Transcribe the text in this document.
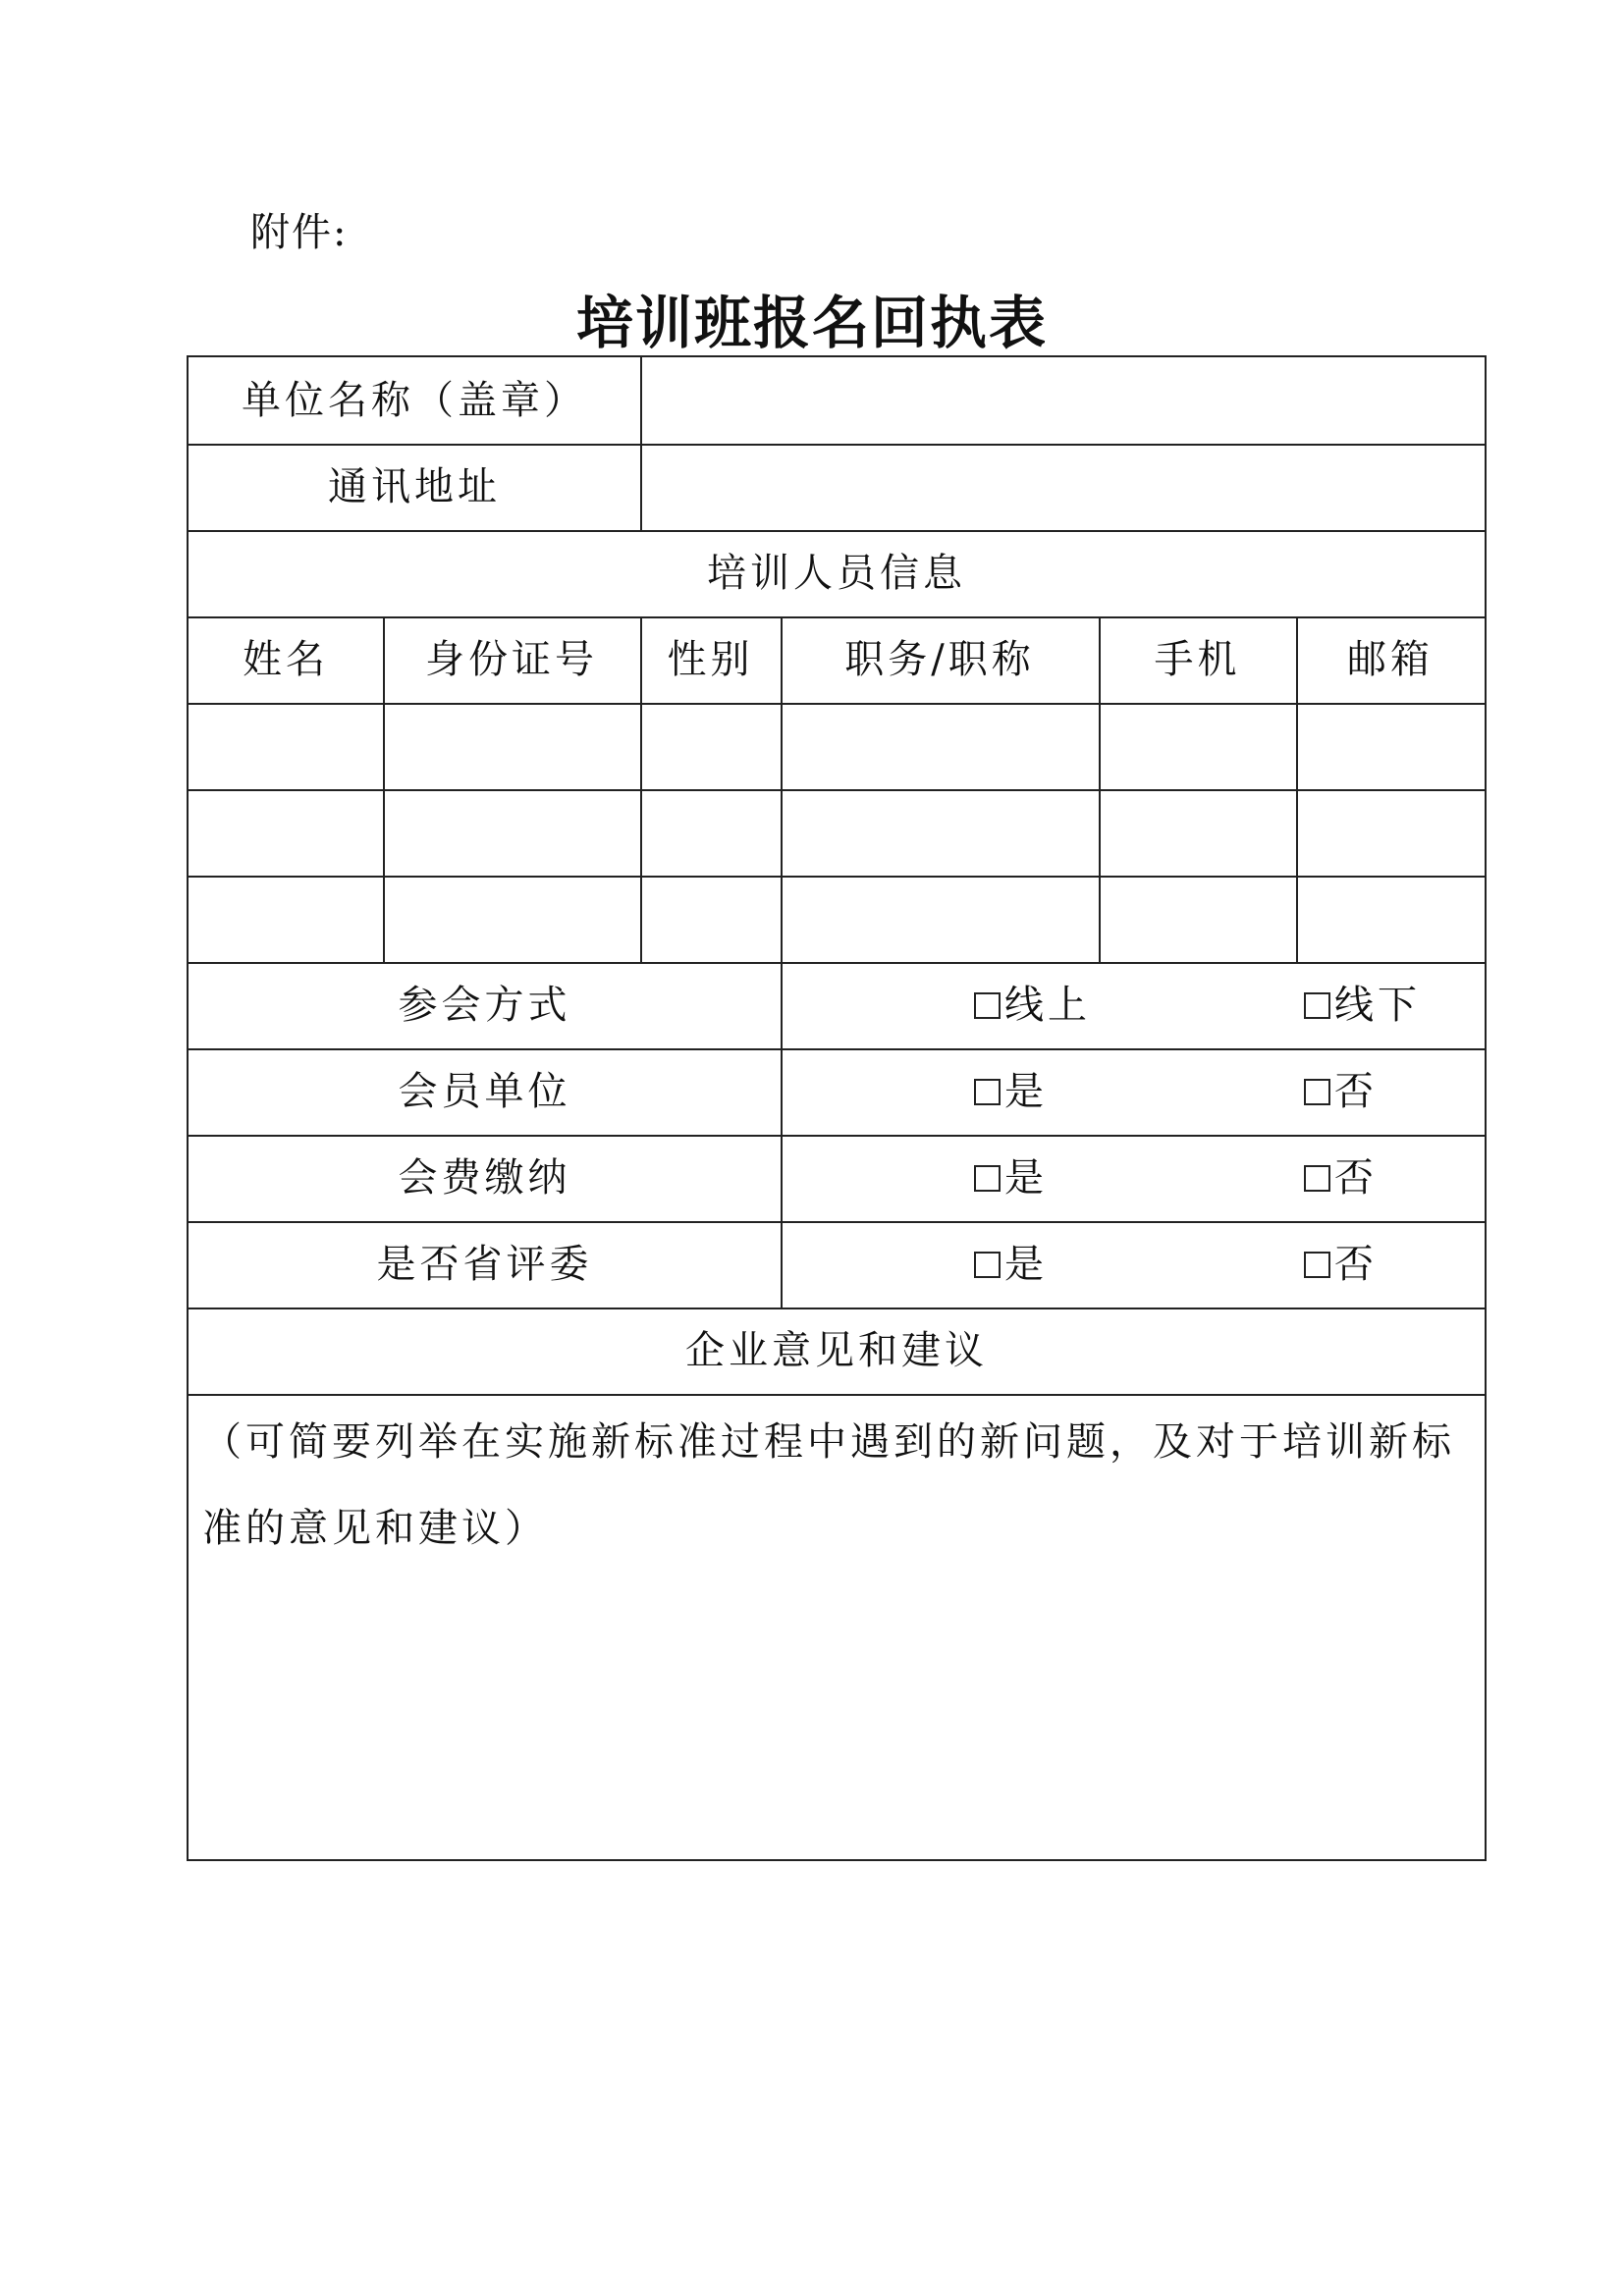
附件:
培训班报名回执表
单位名称（盖章）
通讯地址
培训人员信息
姓名	身份证号	性别	职务/职称	手机	邮箱
参会方式	线上	线下
会员单位	是	否
会费缴纳	是	否
是否省评委	是	否
企业意见和建议
（可简要列举在实施新标准过程中遇到的新问题，及对于培训新标准的意见和建议）
